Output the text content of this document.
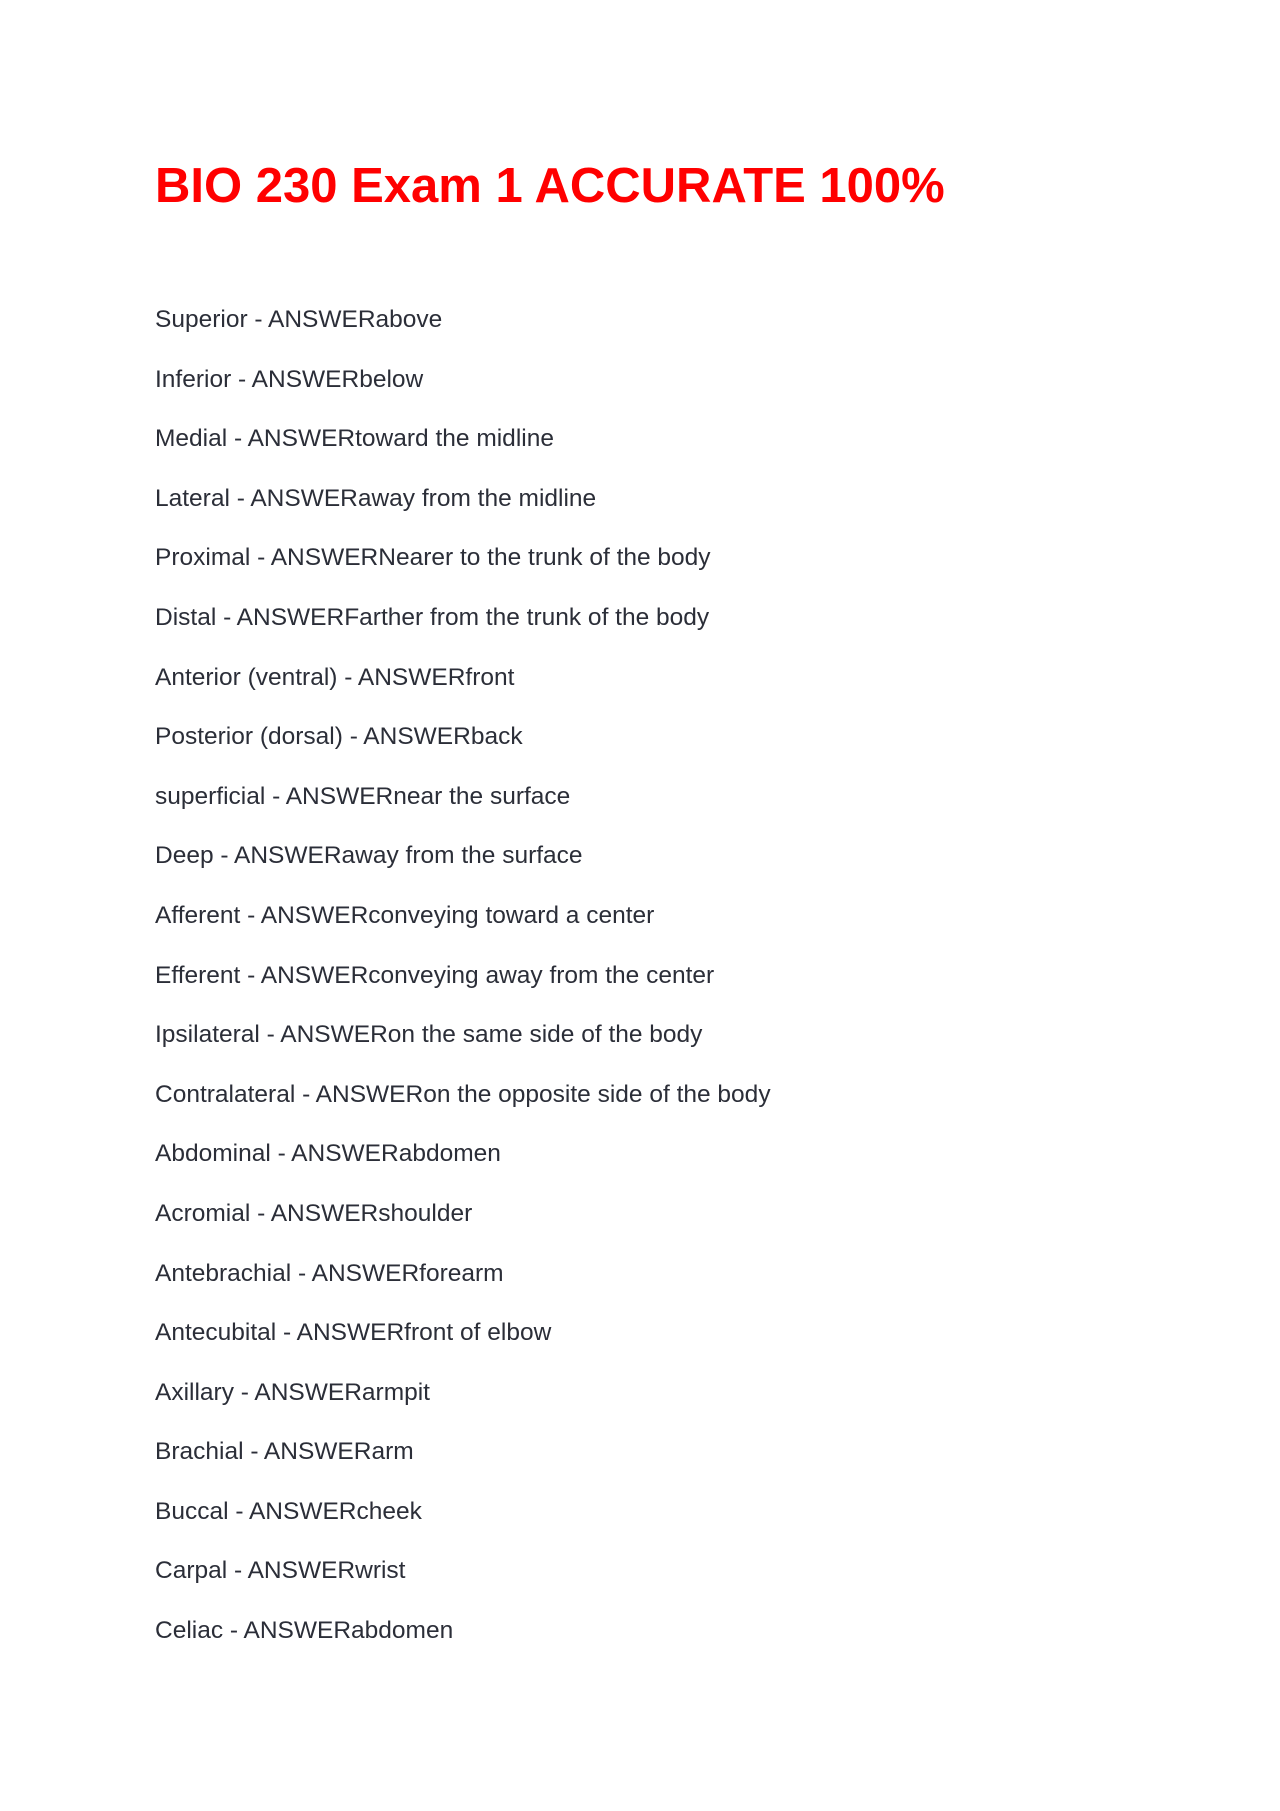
BIO 230 Exam 1 ACCURATE 100%
Superior - ANSWERabove
Inferior - ANSWERbelow
Medial - ANSWERtoward the midline
Lateral - ANSWERaway from the midline
Proximal - ANSWERNearer to the trunk of the body
Distal - ANSWERFarther from the trunk of the body
Anterior (ventral) - ANSWERfront
Posterior (dorsal) - ANSWERback
superficial - ANSWERnear the surface
Deep - ANSWERaway from the surface
Afferent - ANSWERconveying toward a center
Efferent - ANSWERconveying away from the center
Ipsilateral - ANSWERon the same side of the body
Contralateral - ANSWERon the opposite side of the body
Abdominal - ANSWERabdomen
Acromial - ANSWERshoulder
Antebrachial - ANSWERforearm
Antecubital - ANSWERfront of elbow
Axillary - ANSWERarmpit
Brachial - ANSWERarm
Buccal - ANSWERcheek
Carpal - ANSWERwrist
Celiac - ANSWERabdomen
